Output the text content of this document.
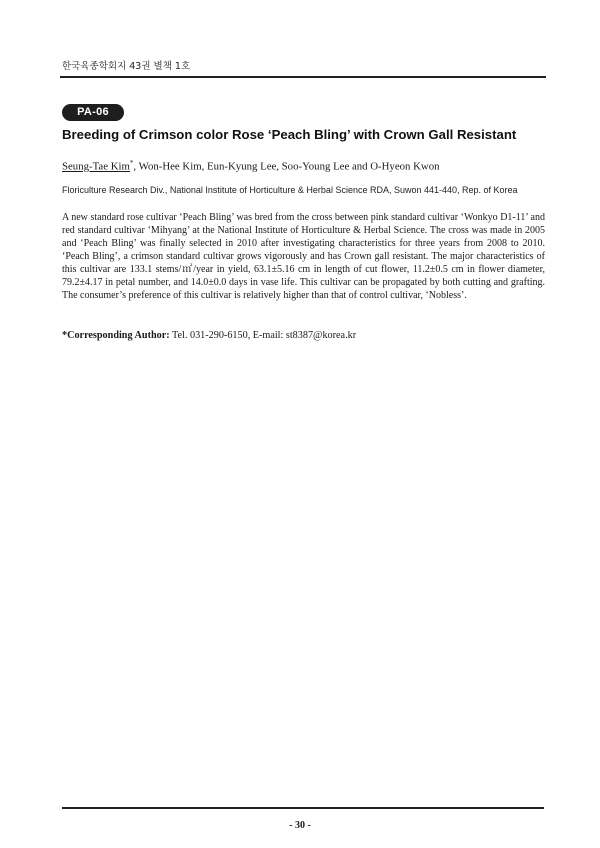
한국육종학회지 43권 별책 1호
PA-06
Breeding of Crimson color Rose ‘Peach Bling’ with Crown Gall Resistant
Seung-Tae Kim*, Won-Hee Kim, Eun-Kyung Lee, Soo-Young Lee and O-Hyeon Kwon
Floriculture Research Div., National Institute of Horticulture & Herbal Science RDA, Suwon 441-440, Rep. of Korea
A new standard rose cultivar ‘Peach Bling’ was bred from the cross between pink standard cultivar ‘Wonkyo D1-11’ and red standard cultivar ‘Mihyang’ at the National Institute of Horticulture & Herbal Science. The cross was made in 2005 and ‘Peach Bling’ was finally selected in 2010 after investigating characteristics for three years from 2008 to 2010. ‘Peach Bling’, a crimson standard cultivar grows vigorously and has Crown gall resistant. The major characteristics of this cultivar are 133.1 stems/㎡/year in yield, 63.1±5.16 cm in length of cut flower, 11.2±0.5 cm in flower diameter, 79.2±4.17 in petal number, and 14.0±0.0 days in vase life. This cultivar can be propagated by both cutting and grafting. The consumer’s preference of this cultivar is relatively higher than that of control cultivar, ‘Nobless’.
*Corresponding Author: Tel. 031-290-6150, E-mail: st8387@korea.kr
- 30 -
